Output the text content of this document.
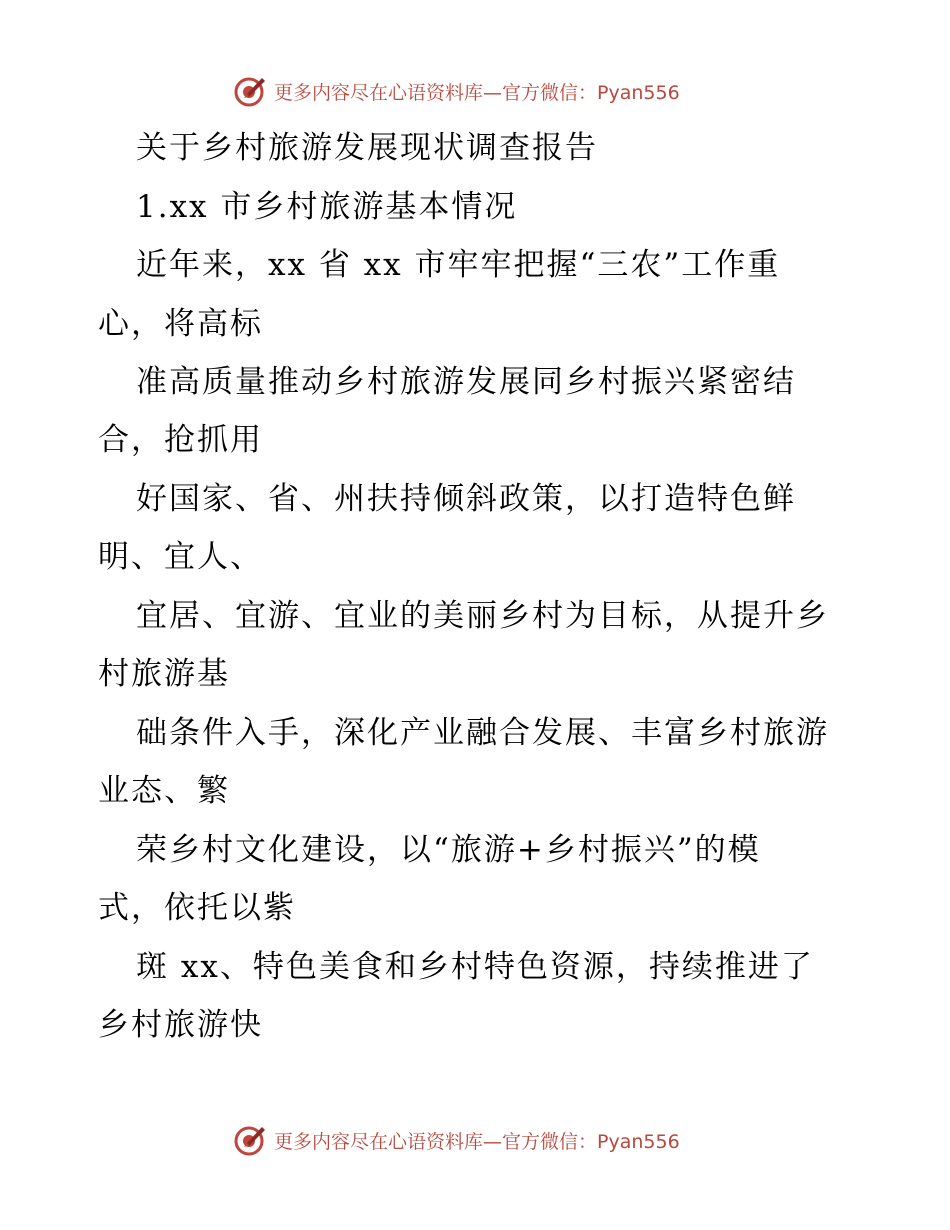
更多内容尽在心语资料库—官方微信：Pyan556
关于乡村旅游发展现状调查报告
1.xx 市乡村旅游基本情况
近年来，xx 省 xx 市牢牢把握“三农”工作重
心，将高标
准高质量推动乡村旅游发展同乡村振兴紧密结
合，抢抓用
好国家、省、州扶持倾斜政策，以打造特色鲜
明、宜人、
宜居、宜游、宜业的美丽乡村为目标，从提升乡
村旅游基
础条件入手，深化产业融合发展、丰富乡村旅游
业态、繁
荣乡村文化建设，以“旅游+乡村振兴”的模
式，依托以紫
斑 xx、特色美食和乡村特色资源，持续推进了
乡村旅游快
更多内容尽在心语资料库—官方微信：Pyan556
